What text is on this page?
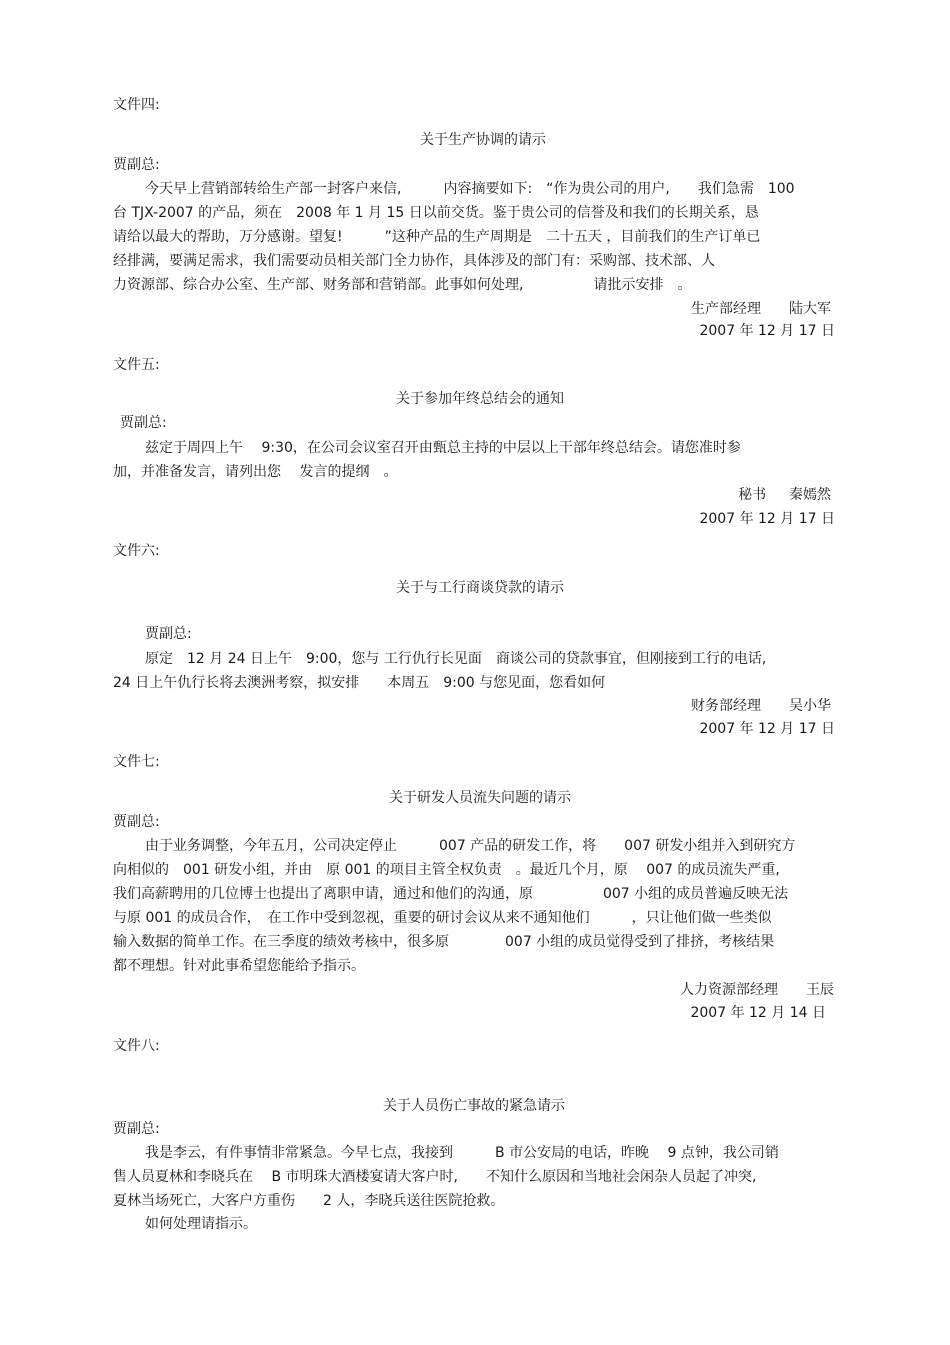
文件四:
关于生产协调的请示
贾副总:
今天早上营销部转给生产部一封客户来信,　　　内容摘要如下:　“作为贵公司的用户,　　我们急需　100
台 TJX-2007 的产品，须在　2008 年 1 月 15 日以前交货。鉴于贵公司的信誉及和我们的长期关系，恳
请给以最大的帮助，万分感谢。望复!　　　”这种产品的生产周期是　二十五天 ，目前我们的生产订单已
经排满，要满足需求，我们需要动员相关部门全力协作，具体涉及的部门有：采购部、技术部、人
力资源部、综合办公室、生产部、财务部和营销部。此事如何处理,　　　　　请批示安排　。
生产部经理　　陆大军
2007 年 12 月 17 日
文件五:
关于参加年终总结会的通知
贾副总:
兹定于周四上午　 9:30，在公司会议室召开由甄总主持的中层以上干部年终总结会。请您准时参
加，并准备发言，请列出您　 发言的提纲　。
秘书　  秦嫣然
2007 年 12 月 17 日
文件六:
关于与工行商谈贷款的请示
贾副总:
原定　12 月 24 日上午　9:00，您与 工行仇行长见面　商谈公司的贷款事宜，但刚接到工行的电话,
24 日上午仇行长将去澳洲考察，拟安排　　本周五　9:00 与您见面，您看如何
财务部经理　　吴小华
2007 年 12 月 17 日
文件七:
关于研发人员流失问题的请示
贾副总:
由于业务调整，今年五月，公司决定停止　　　007 产品的研发工作，将　　007 研发小组并入到研究方
向相似的　001 研发小组，并由　原 001 的项目主管全权负责　。最近几个月，原　 007 的成员流失严重,
我们高薪聘用的几位博士也提出了离职申请，通过和他们的沟通，原　　　　　007 小组的成员普遍反映无法
与原 001 的成员合作，　在工作中受到忽视，重要的研讨会议从来不通知他们　　　，只让他们做一些类似
输入数据的简单工作。在三季度的绩效考核中，很多原　　　　007 小组的成员觉得受到了排挤，考核结果
都不理想。针对此事希望您能给予指示。
人力资源部经理　　王辰
2007 年 12 月 14 日
文件八:
关于人员伤亡事故的紧急请示
贾副总:
我是李云，有件事情非常紧急。今早七点，我接到　　　B 市公安局的电话，昨晚　 9 点钟，我公司销
售人员夏林和李晓兵在　 B 市明珠大酒楼宴请大客户时,　　不知什么原因和当地社会闲杂人员起了冲突,
夏林当场死亡，大客户方重伤　　2 人，李晓兵送往医院抢救。
如何处理请指示。
